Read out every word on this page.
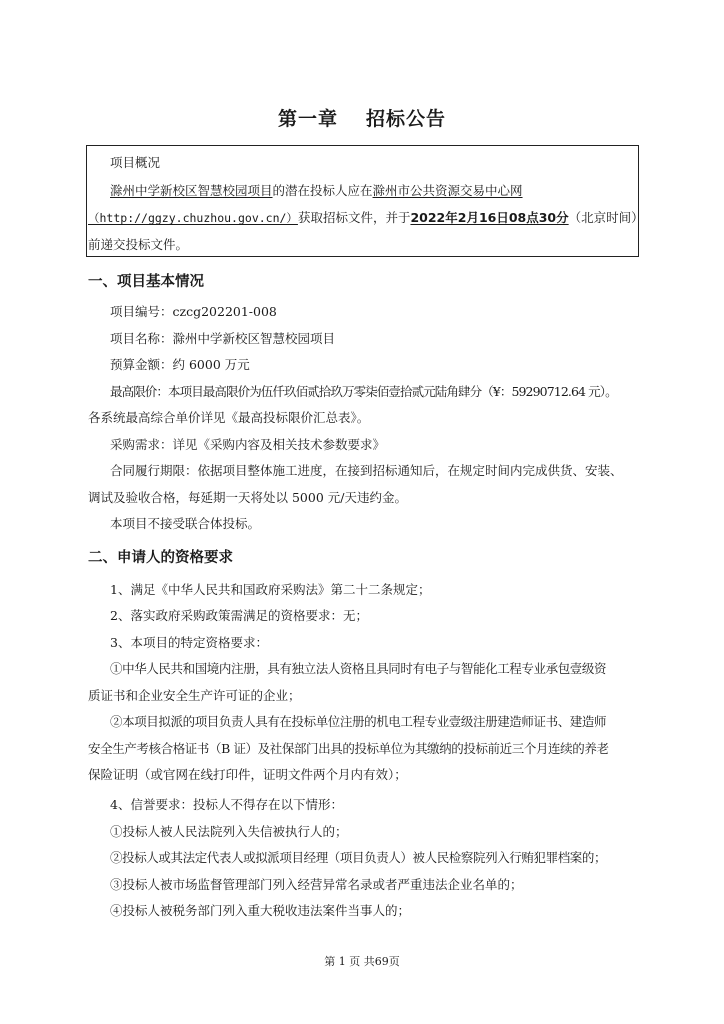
第一章 招标公告
项目概况
滁州中学新校区智慧校园项目的潜在投标人应在滁州市公共资源交易中心网
（http://ggzy.chuzhou.gov.cn/）获取招标文件，并于2022年2月16日08点30分（北京时间）
前递交投标文件。
一、项目基本情况
项目编号：czcg202201-008
项目名称：滁州中学新校区智慧校园项目
预算金额：约 6000 万元
最高限价：本项目最高限价为伍仟玖佰贰拾玖万零柒佰壹拾贰元陆角肆分（¥：59290712.64 元）。
各系统最高综合单价详见《最高投标限价汇总表》。
采购需求：详见《采购内容及相关技术参数要求》
合同履行期限：依据项目整体施工进度，在接到招标通知后，在规定时间内完成供货、安装、
调试及验收合格，每延期一天将处以 5000 元/天违约金。
本项目不接受联合体投标。
二、申请人的资格要求
1、满足《中华人民共和国政府采购法》第二十二条规定；
2、落实政府采购政策需满足的资格要求：无；
3、本项目的特定资格要求：
①中华人民共和国境内注册，具有独立法人资格且具同时有电子与智能化工程专业承包壹级资
质证书和企业安全生产许可证的企业；
②本项目拟派的项目负责人具有在投标单位注册的机电工程专业壹级注册建造师证书、建造师
安全生产考核合格证书（B 证）及社保部门出具的投标单位为其缴纳的投标前近三个月连续的养老
保险证明（或官网在线打印件，证明文件两个月内有效）；
4、信誉要求：投标人不得存在以下情形：
①投标人被人民法院列入失信被执行人的；
②投标人或其法定代表人或拟派项目经理（项目负责人）被人民检察院列入行贿犯罪档案的；
③投标人被市场监督管理部门列入经营异常名录或者严重违法企业名单的；
④投标人被税务部门列入重大税收违法案件当事人的；
第 1 页 共69页
